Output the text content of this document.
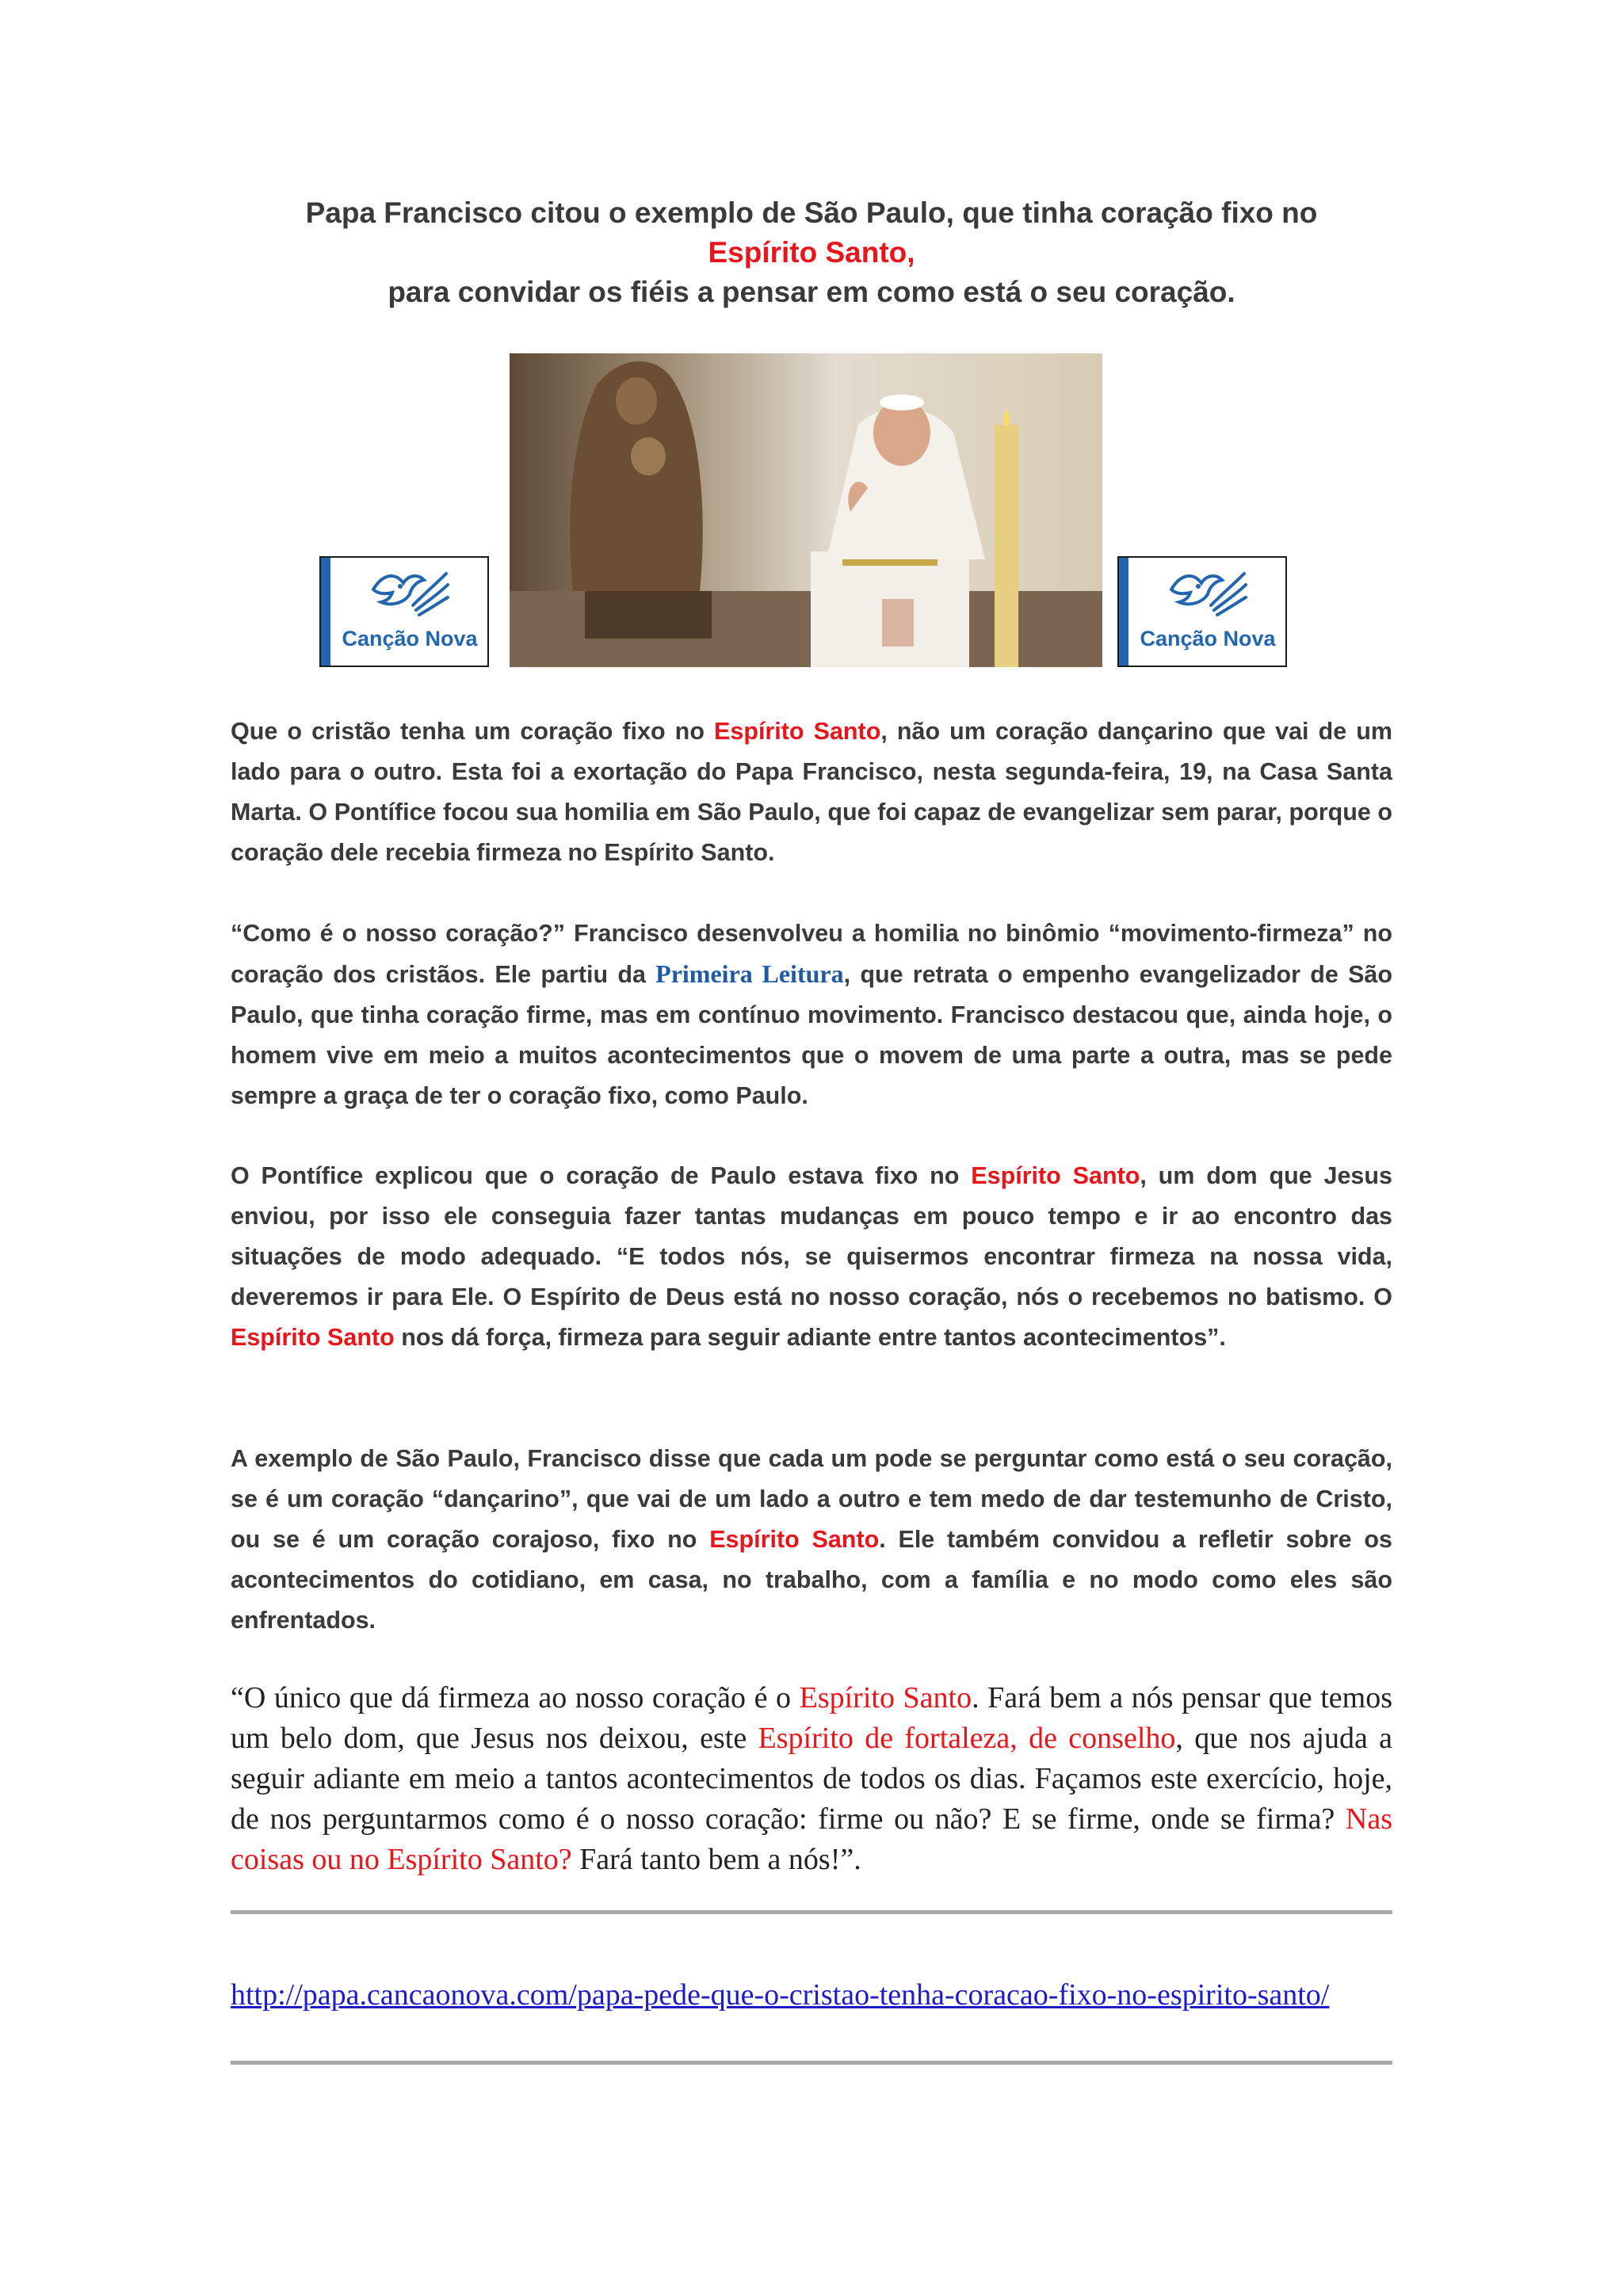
Papa Francisco citou o exemplo de São Paulo, que tinha coração fixo no
Espírito Santo,
para convidar os fiéis a pensar em como está o seu coração.
Canção Nova	Canção Nova

Que o cristão tenha um coração fixo no Espírito Santo, não um coração dançarino que vai de um lado para o outro. Esta foi a exortação do Papa Francisco, nesta segunda-feira, 19, na Casa Santa Marta. O Pontífice focou sua homilia em São Paulo, que foi capaz de evangelizar sem parar, porque o coração dele recebia firmeza no Espírito Santo.

“Como é o nosso coração?” Francisco desenvolveu a homilia no binômio “movimento-firmeza” no coração dos cristãos. Ele partiu da Primeira Leitura, que retrata o empenho evangelizador de São Paulo, que tinha coração firme, mas em contínuo movimento. Francisco destacou que, ainda hoje, o homem vive em meio a muitos acontecimentos que o movem de uma parte a outra, mas se pede sempre a graça de ter o coração fixo, como Paulo.

O Pontífice explicou que o coração de Paulo estava fixo no Espírito Santo, um dom que Jesus enviou, por isso ele conseguia fazer tantas mudanças em pouco tempo e ir ao encontro das situações de modo adequado. “E todos nós, se quisermos encontrar firmeza na nossa vida, deveremos ir para Ele. O Espírito de Deus está no nosso coração, nós o recebemos no batismo. O Espírito Santo nos dá força, firmeza para seguir adiante entre tantos acontecimentos”.

A exemplo de São Paulo, Francisco disse que cada um pode se perguntar como está o seu coração, se é um coração “dançarino”, que vai de um lado a outro e tem medo de dar testemunho de Cristo, ou se é um coração corajoso, fixo no Espírito Santo. Ele também convidou a refletir sobre os acontecimentos do cotidiano, em casa, no trabalho, com a família e no modo como eles são enfrentados.

“O único que dá firmeza ao nosso coração é o Espírito Santo. Fará bem a nós pensar que temos um belo dom, que Jesus nos deixou, este Espírito de fortaleza, de conselho, que nos ajuda a seguir adiante em meio a tantos acontecimentos de todos os dias. Façamos este exercício, hoje, de nos perguntarmos como é o nosso coração: firme ou não? E se firme, onde se firma? Nas coisas ou no Espírito Santo? Fará tanto bem a nós!”.

http://papa.cancaonova.com/papa-pede-que-o-cristao-tenha-coracao-fixo-no-espirito-santo/
